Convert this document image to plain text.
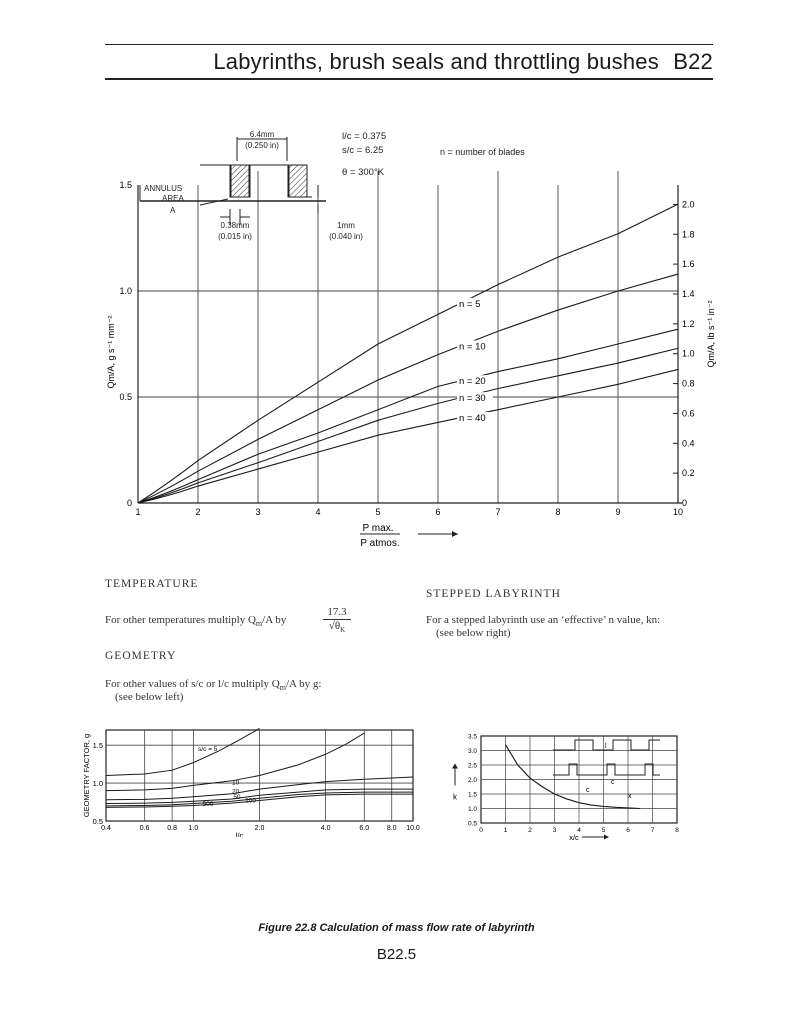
Labyrinths, brush seals and throttling bushes B22
n = 5
n = 10
n = 20
n = 30
n = 40
1	2	3	4	5	6	7	8	9	10
0
0.5
1.0
1.5
0
0.2
0.4
0.6
0.8
1.0
1.2
1.4
1.6
1.8
2.0
Qm/A, g s⁻¹ mm⁻²	Qm/A, lb s⁻¹ in⁻²
P max.
P atmos.
6.4mm
(0.250 in)
0.38mm
(0.015 in)
1mm
(0.040 in)
ANNULUS
AREA
A
l/c = 0.375
s/c = 6.25
θ = 300°K
n = number of blades
TEMPERATURE
For other temperatures multiply $Q_m/A$ by	$\frac{17.3}{√\theta_K}$
GEOMETRY
For other values of s/c or l/c multiply $Q_m/A$ by g:
(see below left)
STEPPED LABYRINTH
For a stepped labyrinth use an ‘effective’ n value, kn:
(see below right)
s/c = 5
10
20
50 100
500
0.4	0.6	0.8 1.0	2.0	4.0	6.0	8.0 10.0
0.5
1.0
1.5
GEOMETRY FACTOR, g
l/c
0	1	2	3	4	5	6	7	8
0.5
1.0
1.5
2.0
2.5
3.0
3.5
k
x/c
l
c
c
x
Figure 22.8 Calculation of mass flow rate of labyrinth
B22.5
